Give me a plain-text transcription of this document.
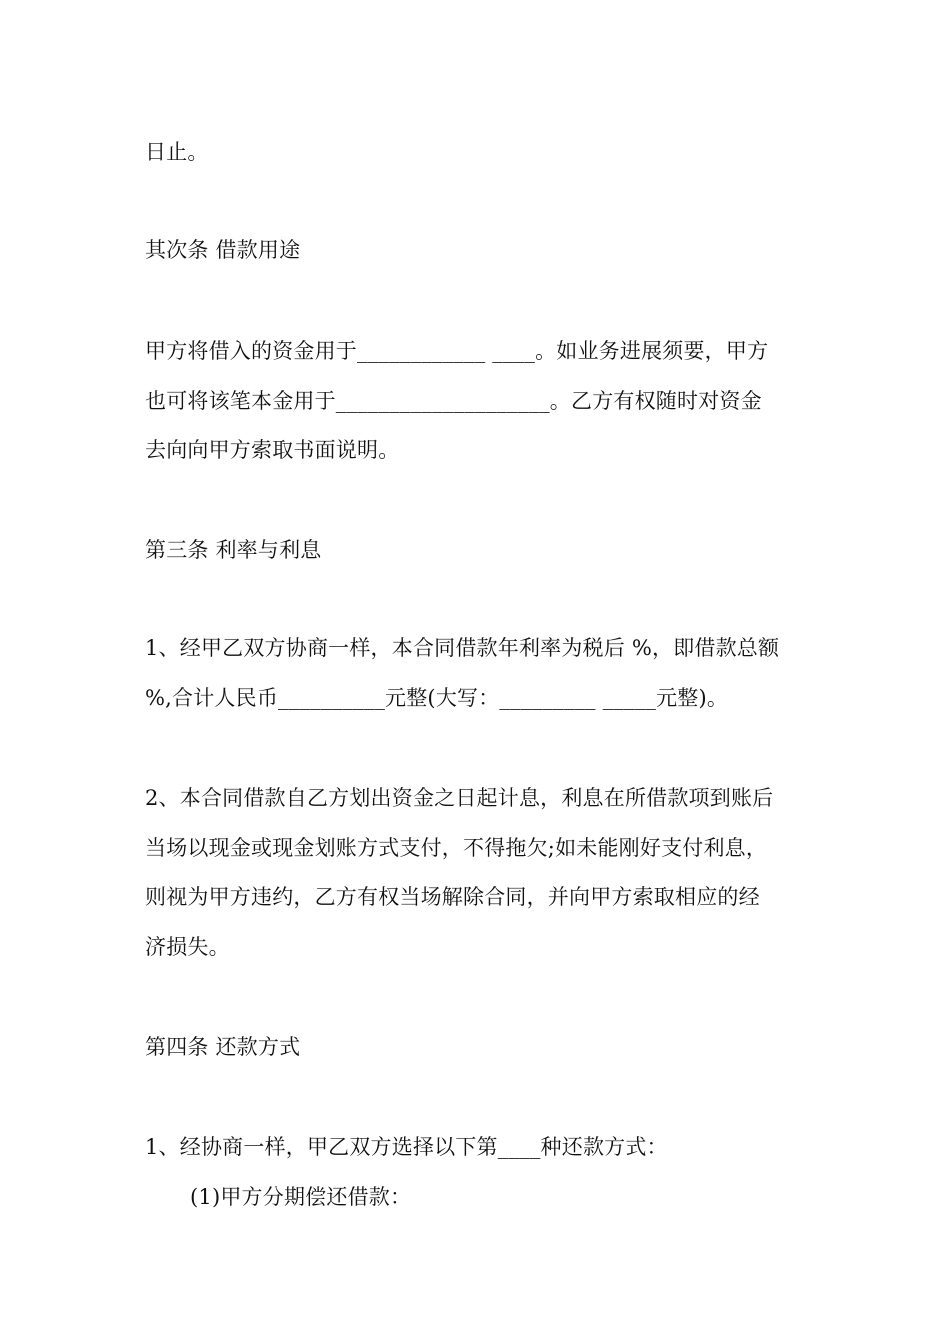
日止。
其次条 借款用途
甲方将借入的资金用于____________ ____。如业务进展须要，甲方
也可将该笔本金用于____________________。乙方有权随时对资金
去向向甲方索取书面说明。
第三条 利率与利息
1、经甲乙双方协商一样，本合同借款年利率为税后 %，即借款总额
%,合计人民币__________元整(大写：_________ _____元整)。
2、本合同借款自乙方划出资金之日起计息，利息在所借款项到账后
当场以现金或现金划账方式支付，不得拖欠;如未能刚好支付利息，
则视为甲方违约，乙方有权当场解除合同，并向甲方索取相应的经
济损失。
第四条 还款方式
1、经协商一样，甲乙双方选择以下第____种还款方式：
(1)甲方分期偿还借款：
